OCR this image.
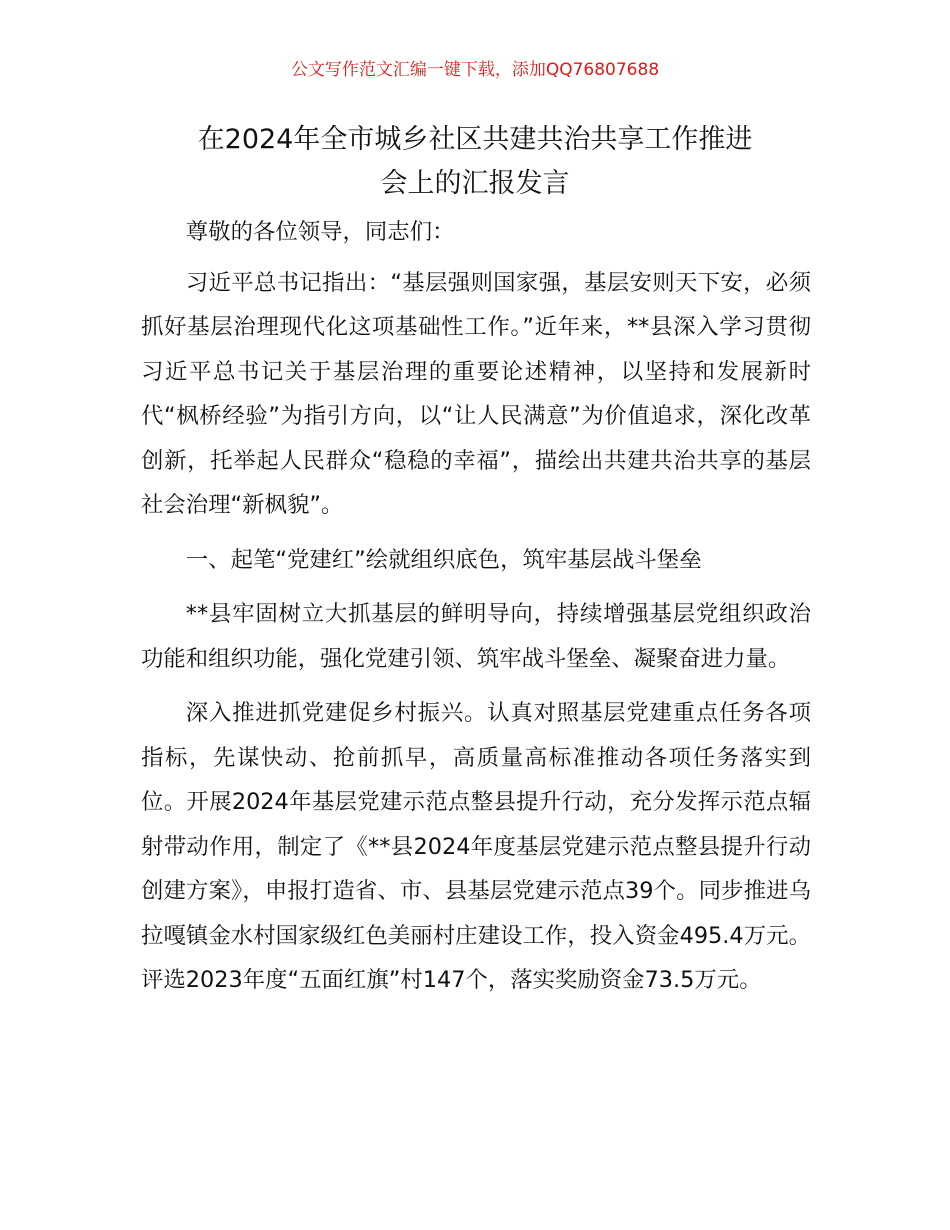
公文写作范文汇编一键下载，添加QQ76807688
在2024年全市城乡社区共建共治共享工作推进
会上的汇报发言

尊敬的各位领导，同志们：

习近平总书记指出：“基层强则国家强，基层安则天下安，必须抓好基层治理现代化这项基础性工作。”近年来，**县深入学习贯彻习近平总书记关于基层治理的重要论述精神，以坚持和发展新时代“枫桥经验”为指引方向，以“让人民满意”为价值追求，深化改革创新，托举起人民群众“稳稳的幸福”，描绘出共建共治共享的基层社会治理“新枫貌”。

一、起笔“党建红”绘就组织底色，筑牢基层战斗堡垒

**县牢固树立大抓基层的鲜明导向，持续增强基层党组织政治功能和组织功能，强化党建引领、筑牢战斗堡垒、凝聚奋进力量。

深入推进抓党建促乡村振兴。认真对照基层党建重点任务各项指标，先谋快动、抢前抓早，高质量高标准推动各项任务落实到位。开展2024年基层党建示范点整县提升行动，充分发挥示范点辐射带动作用，制定了《**县2024年度基层党建示范点整县提升行动创建方案》，申报打造省、市、县基层党建示范点39个。同步推进乌拉嘎镇金水村国家级红色美丽村庄建设工作，投入资金495.4万元。评选2023年度“五面红旗”村147个，落实奖励资金73.5万元。
